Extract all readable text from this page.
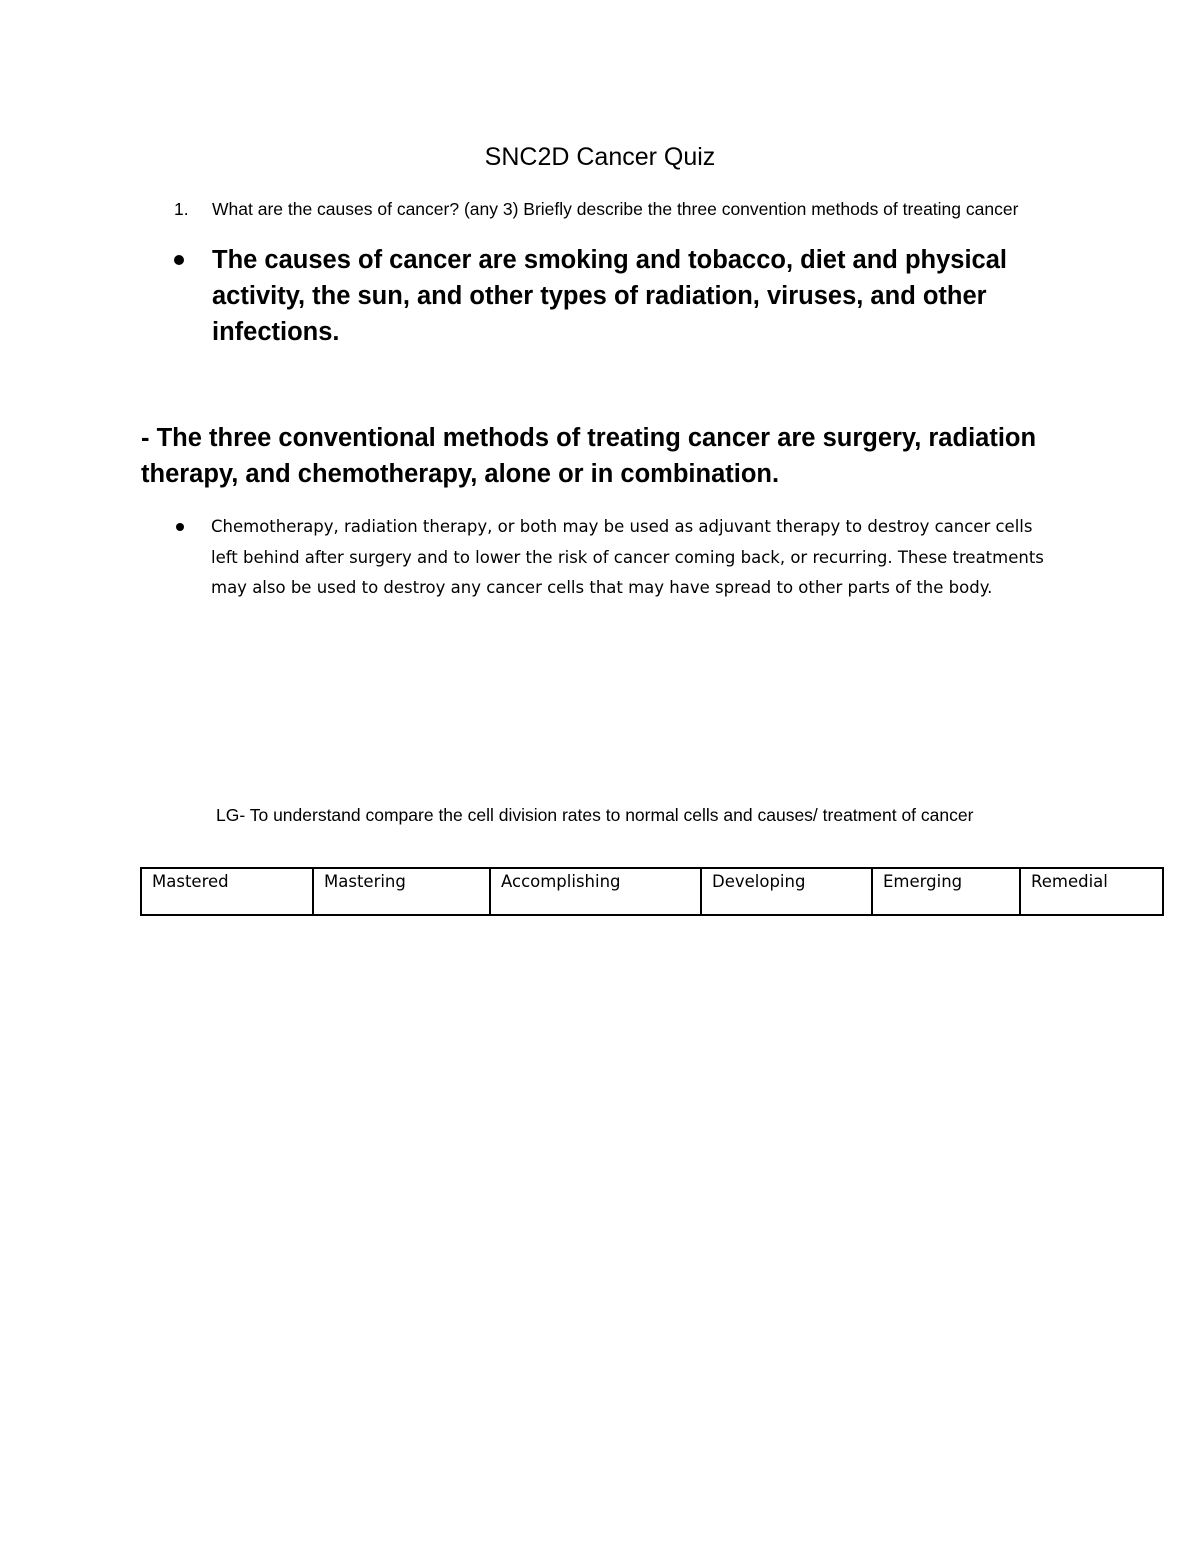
SNC2D Cancer Quiz
1. What are the causes of cancer? (any 3) Briefly describe the three convention methods of treating cancer
The causes of cancer are smoking and tobacco, diet and physical activity, the sun, and other types of radiation, viruses, and other infections.
- The three conventional methods of treating cancer are surgery, radiation therapy, and chemotherapy, alone or in combination.
Chemotherapy, radiation therapy, or both may be used as adjuvant therapy to destroy cancer cells left behind after surgery and to lower the risk of cancer coming back, or recurring. These treatments may also be used to destroy any cancer cells that may have spread to other parts of the body.
LG- To understand compare the cell division rates to normal cells and causes/ treatment of cancer
Mastered	Mastering	Accomplishing	Developing	Emerging	Remedial
